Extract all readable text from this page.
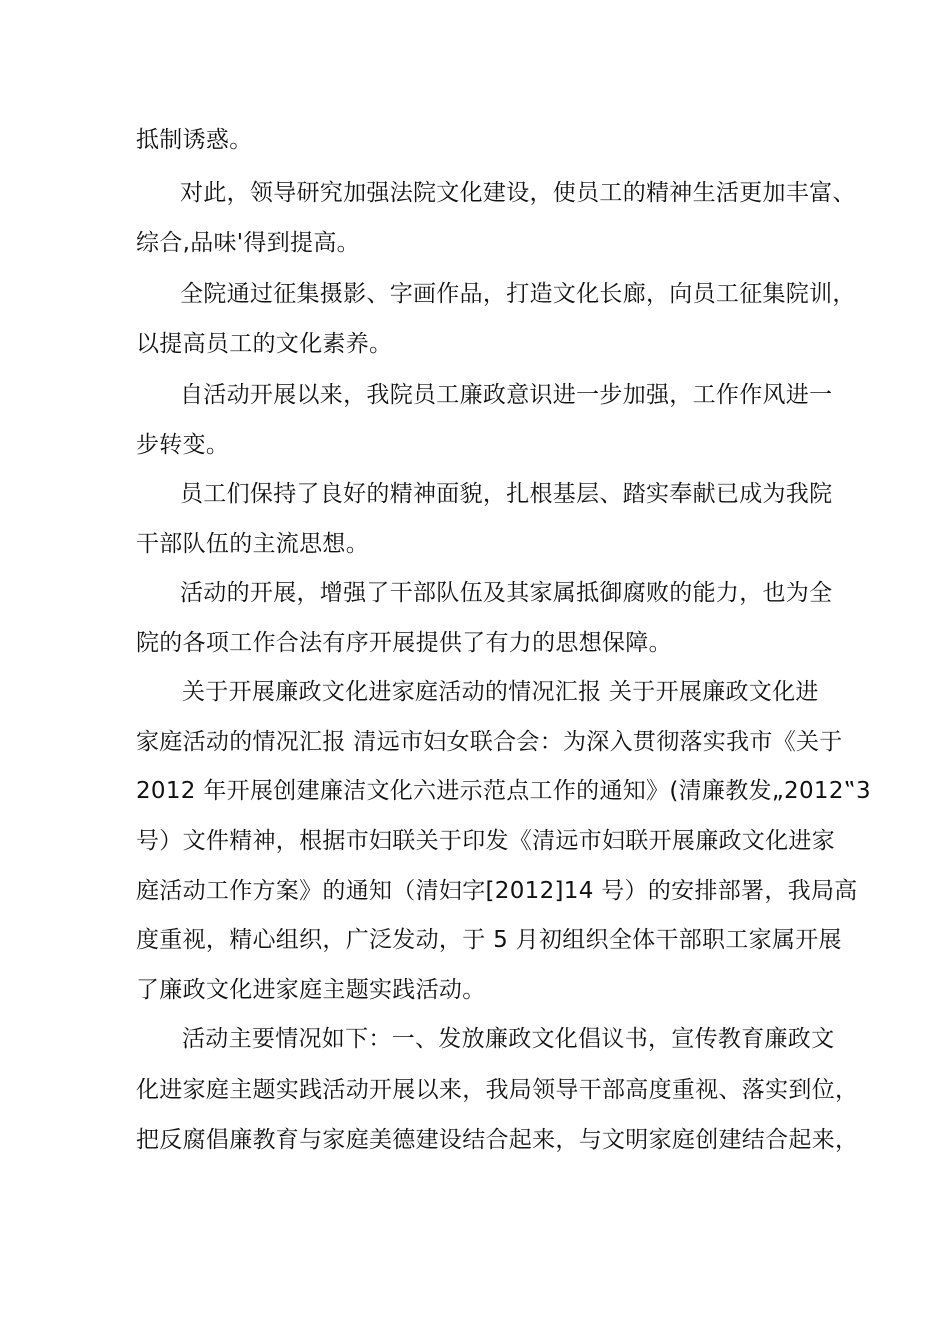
抵制诱惑。
对此，领导研究加强法院文化建设，使员工的精神生活更加丰富、
综合,品味'得到提高。
全院通过征集摄影、字画作品，打造文化长廊，向员工征集院训，
以提高员工的文化素养。
自活动开展以来，我院员工廉政意识进一步加强，工作作风进一
步转变。
员工们保持了良好的精神面貌，扎根基层、踏实奉献已成为我院
干部队伍的主流思想。
活动的开展，增强了干部队伍及其家属抵御腐败的能力，也为全
院的各项工作合法有序开展提供了有力的思想保障。
关于开展廉政文化进家庭活动的情况汇报 关于开展廉政文化进
家庭活动的情况汇报 清远市妇女联合会：为深入贯彻落实我市《关于
2012 年开展创建廉洁文化六进示范点工作的通知》(清廉教发„2012‟3
号）文件精神，根据市妇联关于印发《清远市妇联开展廉政文化进家
庭活动工作方案》的通知（清妇字[2012]14 号）的安排部署，我局高
度重视，精心组织，广泛发动，于 5 月初组织全体干部职工家属开展
了廉政文化进家庭主题实践活动。
活动主要情况如下：一、发放廉政文化倡议书，宣传教育廉政文
化进家庭主题实践活动开展以来，我局领导干部高度重视、落实到位，
把反腐倡廉教育与家庭美德建设结合起来，与文明家庭创建结合起来，
